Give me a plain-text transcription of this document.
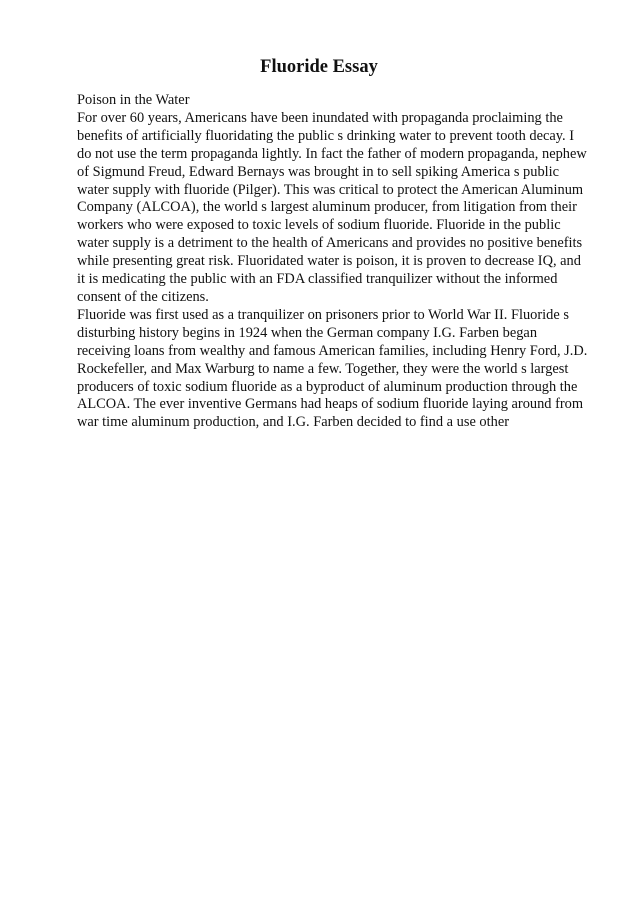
Fluoride Essay
Poison in the Water
For over 60 years, Americans have been inundated with propaganda proclaiming the
benefits of artificially fluoridating the public s drinking water to prevent tooth decay. I
do not use the term propaganda lightly. In fact the father of modern propaganda, nephew
of Sigmund Freud, Edward Bernays was brought in to sell spiking America s public
water supply with fluoride (Pilger). This was critical to protect the American Aluminum
Company (ALCOA), the world s largest aluminum producer, from litigation from their
workers who were exposed to toxic levels of sodium fluoride. Fluoride in the public
water supply is a detriment to the health of Americans and provides no positive benefits
while presenting great risk. Fluoridated water is poison, it is proven to decrease IQ, and
it is medicating the public with an FDA classified tranquilizer without the informed
consent of the citizens.
Fluoride was first used as a tranquilizer on prisoners prior to World War II. Fluoride s
disturbing history begins in 1924 when the German company I.G. Farben began
receiving loans from wealthy and famous American families, including Henry Ford, J.D.
Rockefeller, and Max Warburg to name a few. Together, they were the world s largest
producers of toxic sodium fluoride as a byproduct of aluminum production through the
ALCOA. The ever inventive Germans had heaps of sodium fluoride laying around from
war time aluminum production, and I.G. Farben decided to find a use other
